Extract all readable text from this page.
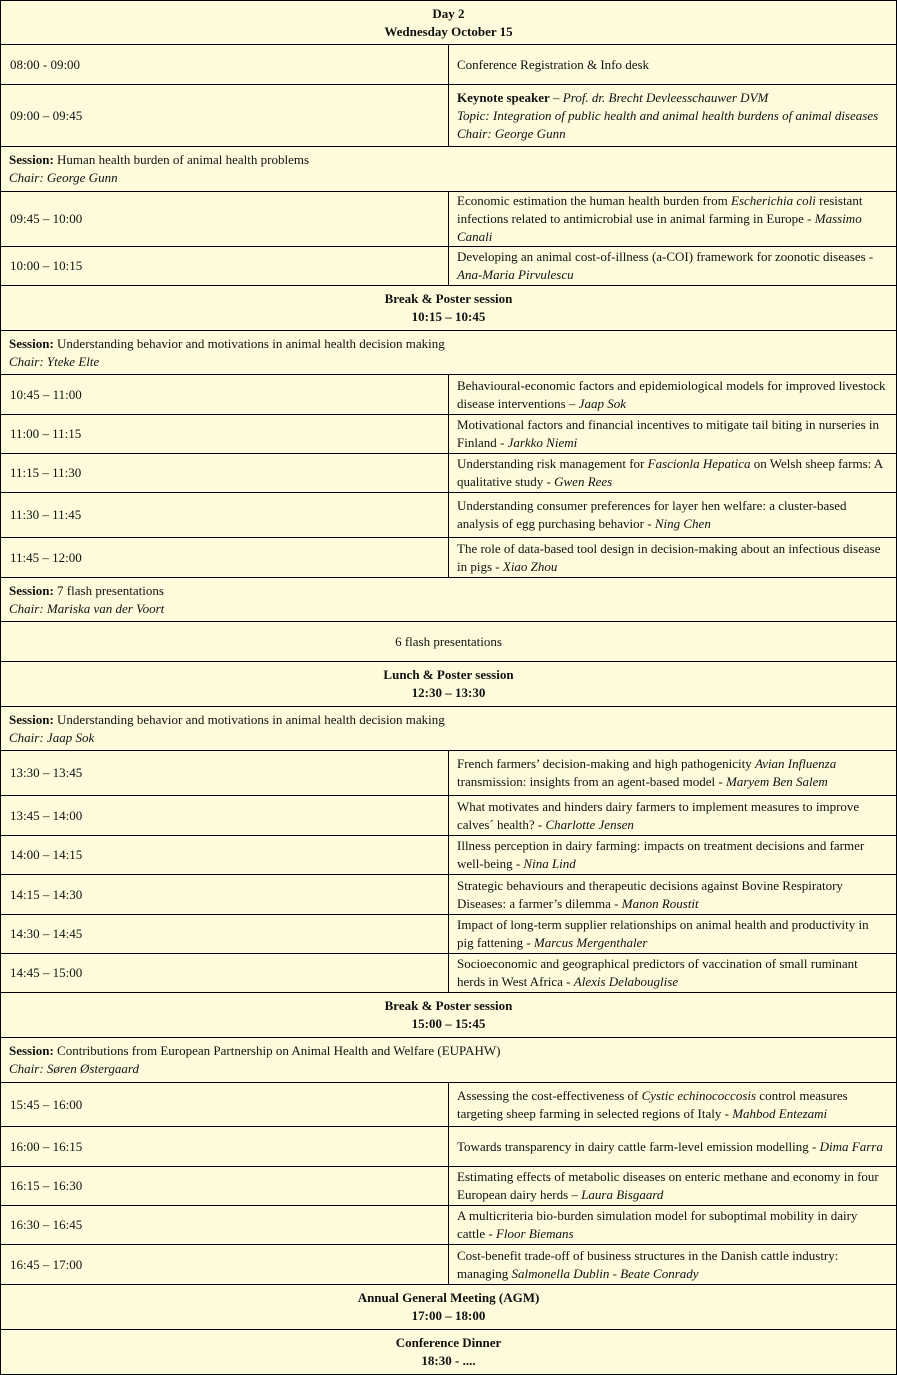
Day 2
Wednesday October 15	

08:00 - 09:00	Conference Registration & Info desk
09:00 – 09:45	Keynote speaker – Prof. dr. Brecht Devleesschauwer DVM
Topic: Integration of public health and animal health burdens of animal diseases
Chair: George Gunn

Session: Human health burden of animal health problems
Chair: George Gunn	

09:45 – 10:00	Economic estimation the human health burden from Escherichia coli resistant infections related to antimicrobial use in animal farming in Europe - Massimo Canali
10:00 – 10:15	Developing an animal cost-of-illness (a-COI) framework for zoonotic diseases - Ana-Maria Pirvulescu

Break & Poster session
10:15 – 10:45	

Session: Understanding behavior and motivations in animal health decision making
Chair: Yteke Elte	

10:45 – 11:00	Behavioural-economic factors and epidemiological models for improved livestock disease interventions – Jaap Sok
11:00 – 11:15	Motivational factors and financial incentives to mitigate tail biting in nurseries in Finland - Jarkko Niemi
11:15 – 11:30	Understanding risk management for Fascionla Hepatica on Welsh sheep farms: A qualitative study - Gwen Rees
11:30 – 11:45	Understanding consumer preferences for layer hen welfare: a cluster-based analysis of egg purchasing behavior - Ning Chen
11:45 – 12:00	The role of data-based tool design in decision-making about an infectious disease in pigs - Xiao Zhou

Session: 7 flash presentations
Chair: Mariska van der Voort	

6 flash presentations	

Lunch & Poster session
12:30 – 13:30	

Session: Understanding behavior and motivations in animal health decision making
Chair: Jaap Sok	

13:30 – 13:45	French farmers’ decision-making and high pathogenicity Avian Influenza transmission: insights from an agent-based model - Maryem Ben Salem
13:45 – 14:00	What motivates and hinders dairy farmers to implement measures to improve calves´ health? - Charlotte Jensen
14:00 – 14:15	Illness perception in dairy farming: impacts on treatment decisions and farmer well-being - Nina Lind
14:15 – 14:30	Strategic behaviours and therapeutic decisions against Bovine Respiratory Diseases: a farmer’s dilemma - Manon Roustit
14:30 – 14:45	Impact of long-term supplier relationships on animal health and productivity in pig fattening - Marcus Mergenthaler
14:45 – 15:00	Socioeconomic and geographical predictors of vaccination of small ruminant herds in West Africa - Alexis Delabouglise

Break & Poster session
15:00 – 15:45	

Session: Contributions from European Partnership on Animal Health and Welfare (EUPAHW)
Chair: Søren Østergaard	

15:45 – 16:00	Assessing the cost-effectiveness of Cystic echinococcosis control measures targeting sheep farming in selected regions of Italy - Mahbod Entezami
16:00 – 16:15	Towards transparency in dairy cattle farm-level emission modelling - Dima Farra
16:15 – 16:30	Estimating effects of metabolic diseases on enteric methane and economy in four European dairy herds – Laura Bisgaard
16:30 – 16:45	A multicriteria bio-burden simulation model for suboptimal mobility in dairy cattle - Floor Biemans
16:45 – 17:00	Cost-benefit trade-off of business structures in the Danish cattle industry: managing Salmonella Dublin - Beate Conrady

Annual General Meeting (AGM)
17:00 – 18:00	

Conference Dinner
18:30 - ....	
